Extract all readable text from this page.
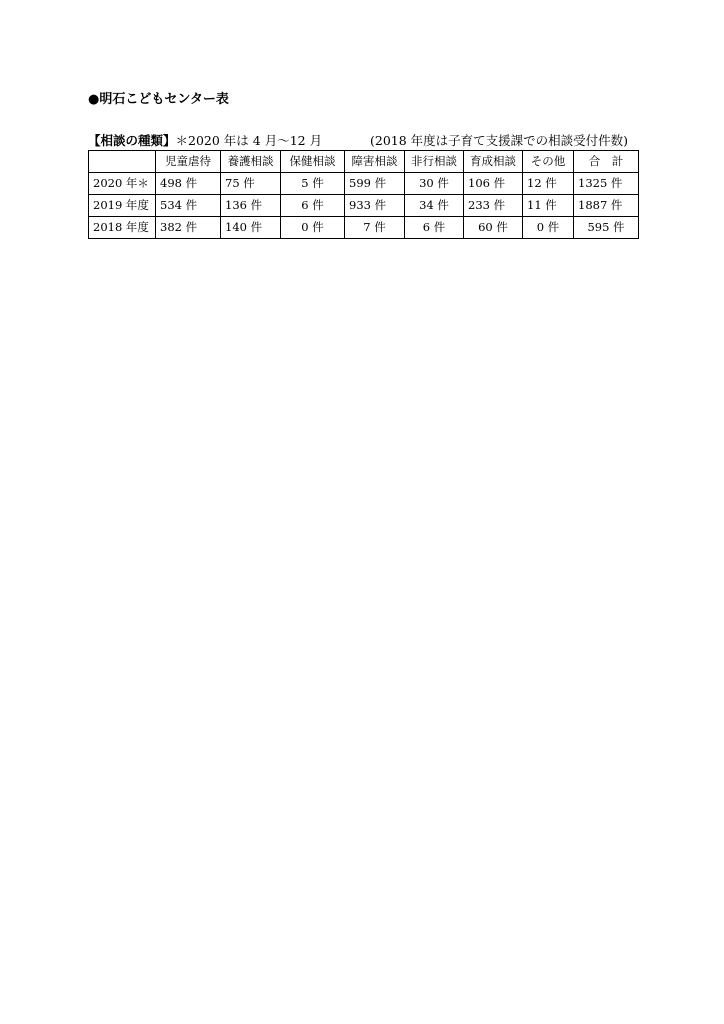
●明石こどもセンター表
【相談の種類】＊2020 年は 4 月～12 月	(2018 年度は子育て支援課での相談受付件数)
	児童虐待	養護相談	保健相談	障害相談	非行相談	育成相談	その他	合　計
2020 年＊	498 件	75 件	5 件	599 件	30 件	106 件	12 件	1325 件
2019 年度	534 件	136 件	6 件	933 件	34 件	233 件	11 件	1887 件
2018 年度	382 件	140 件	0 件	7 件	6 件	60 件	0 件	595 件
